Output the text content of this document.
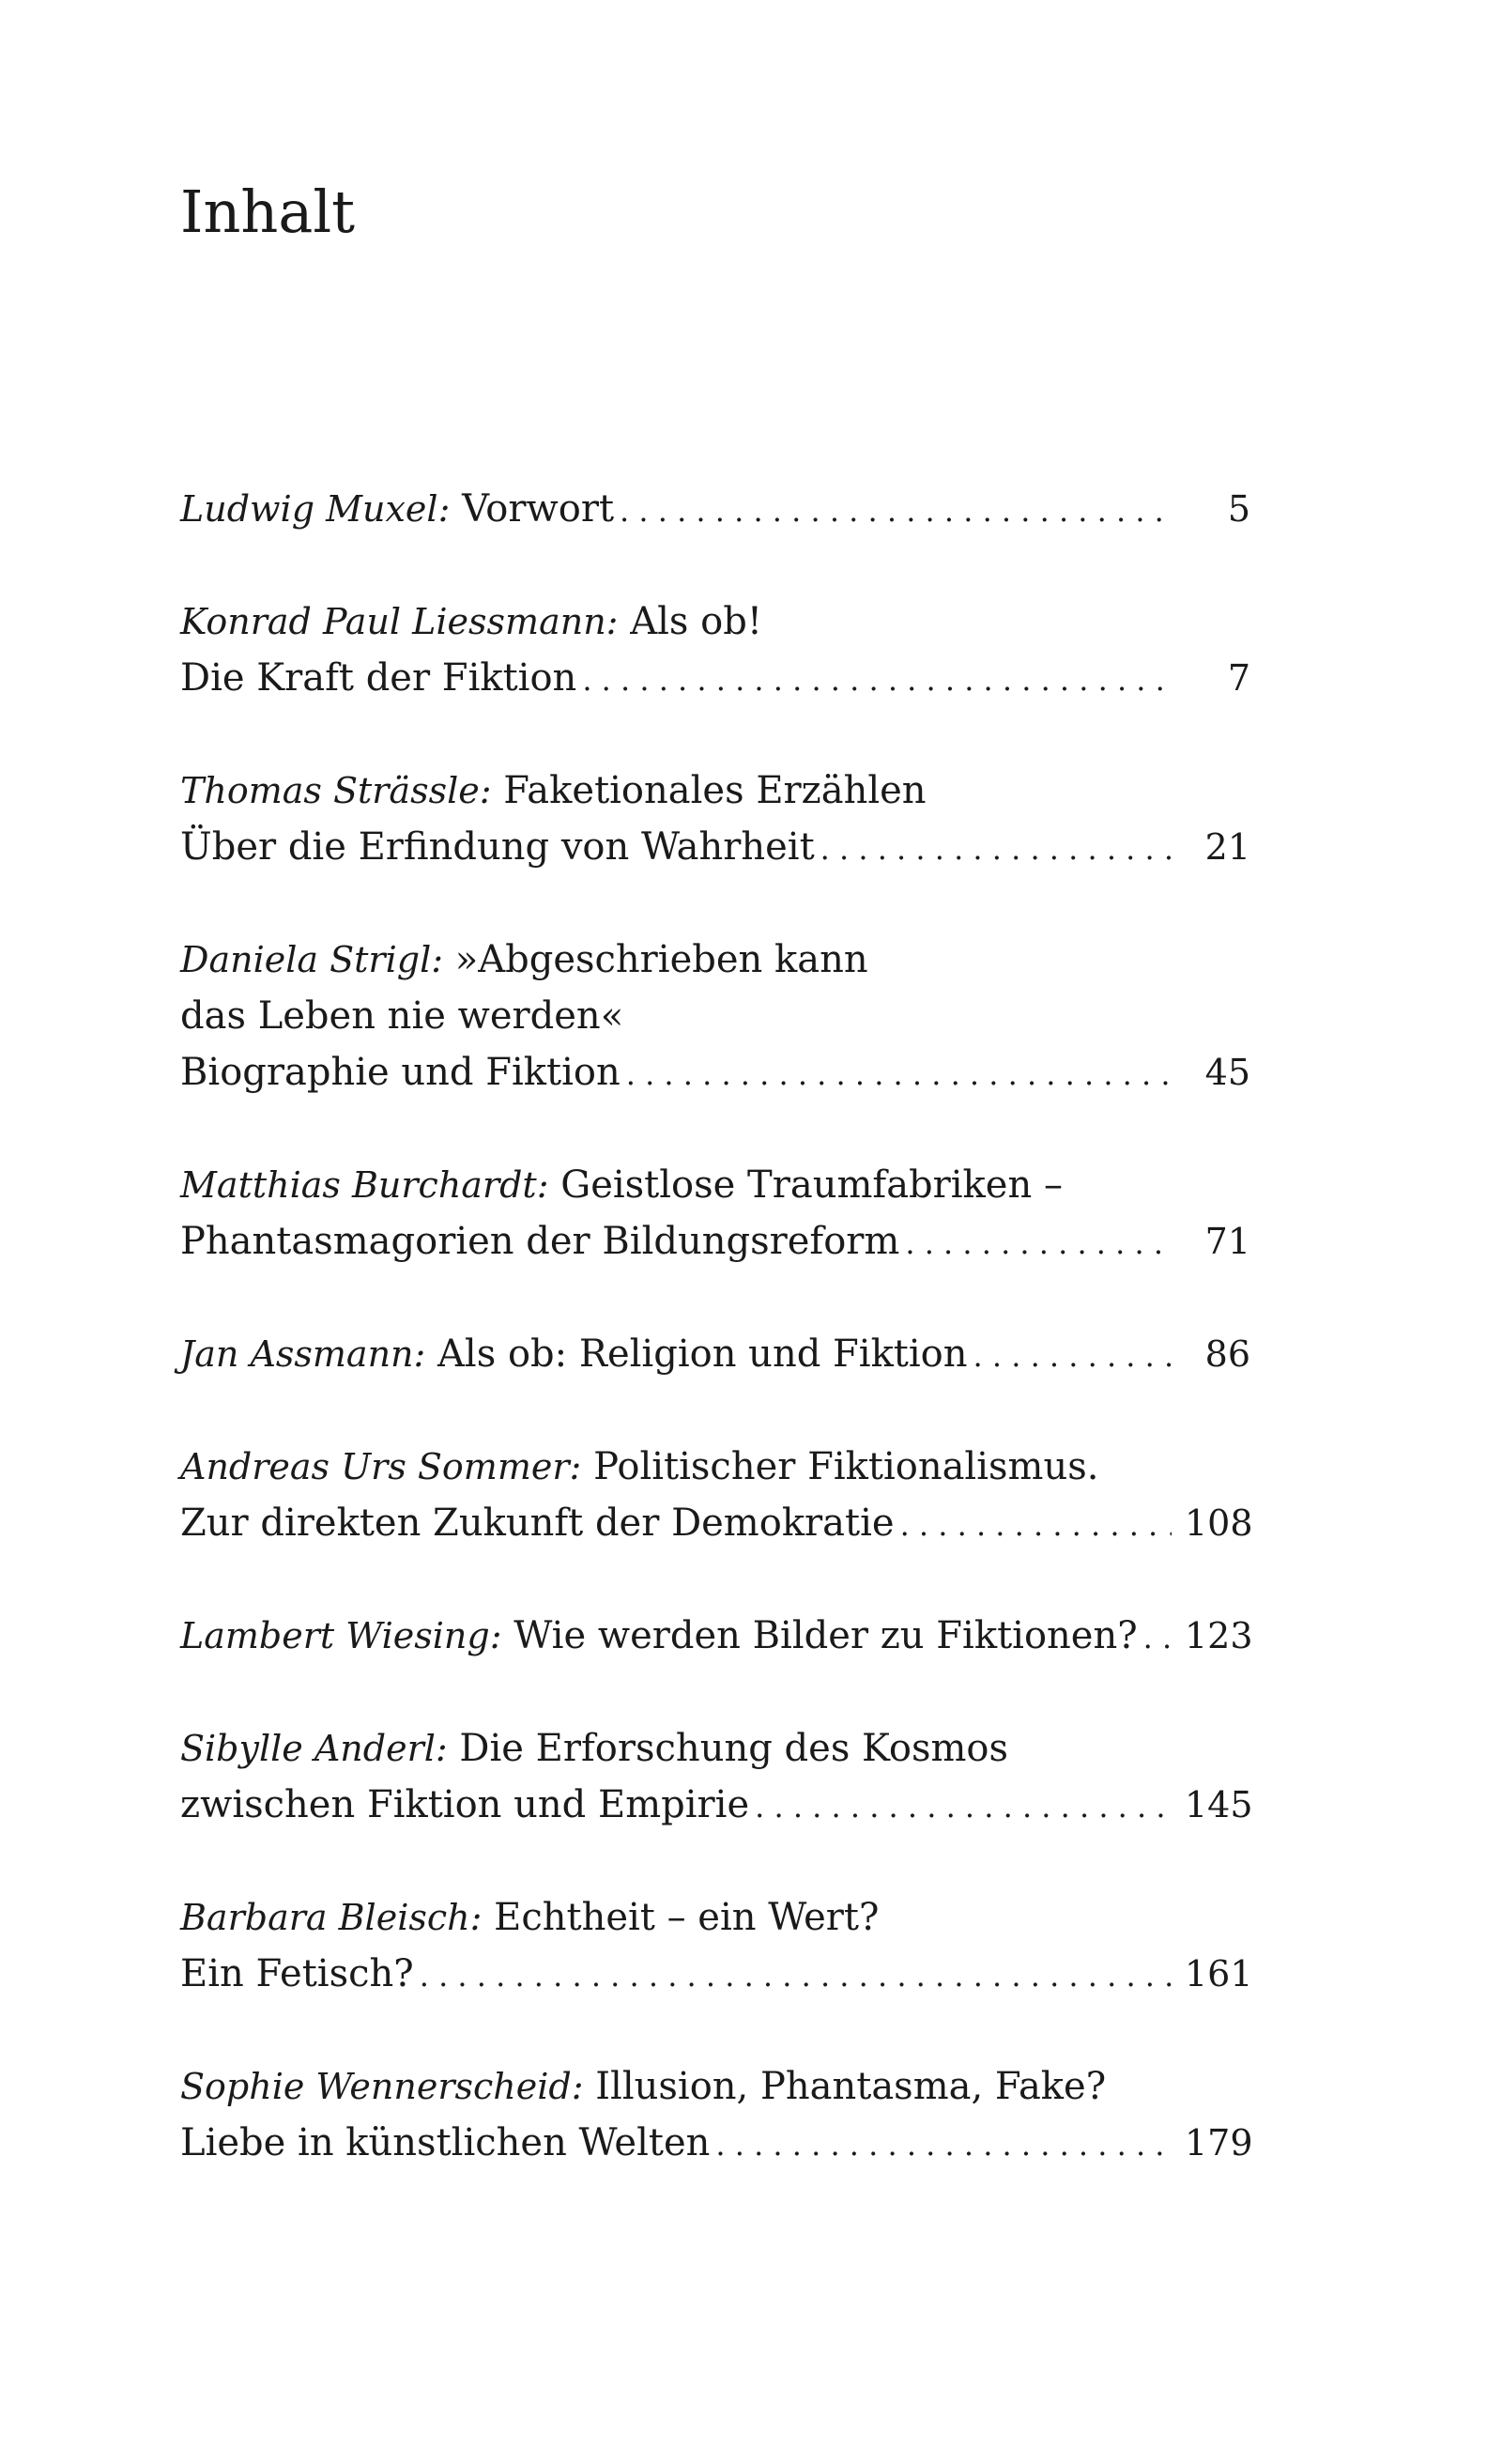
Inhalt
Ludwig Muxel:
Vorwort . . .	5
Konrad Paul Liessmann:
Als ob!
Die Kraft der Fiktion . . .	7
Thomas Strässle:
Faketionales Erzählen
Über die Erfindung von Wahrheit . . .	21
Daniela Strigl:
»Abgeschrieben kann
das Leben nie werden«
Biographie und Fiktion . . .	45
Matthias Burchardt:
Geistlose Traumfabriken –
Phantasmagorien der Bildungsreform . . .	71
Jan Assmann:
Als ob: Religion und Fiktion . . .	86
Andreas Urs Sommer:
Politischer Fiktionalismus.
Zur direkten Zukunft der Demokratie . . .	108
Lambert Wiesing:
Wie werden Bilder zu Fiktionen? . . . 123
Sibylle Anderl:
Die Erforschung des Kosmos
zwischen Fiktion und Empirie . . .	145
Barbara Bleisch:
Echtheit – ein Wert?
Ein Fetisch? . . .	161
Sophie Wennerscheid:
Illusion, Phantasma, Fake?
Liebe in künstlichen Welten . . .	179
